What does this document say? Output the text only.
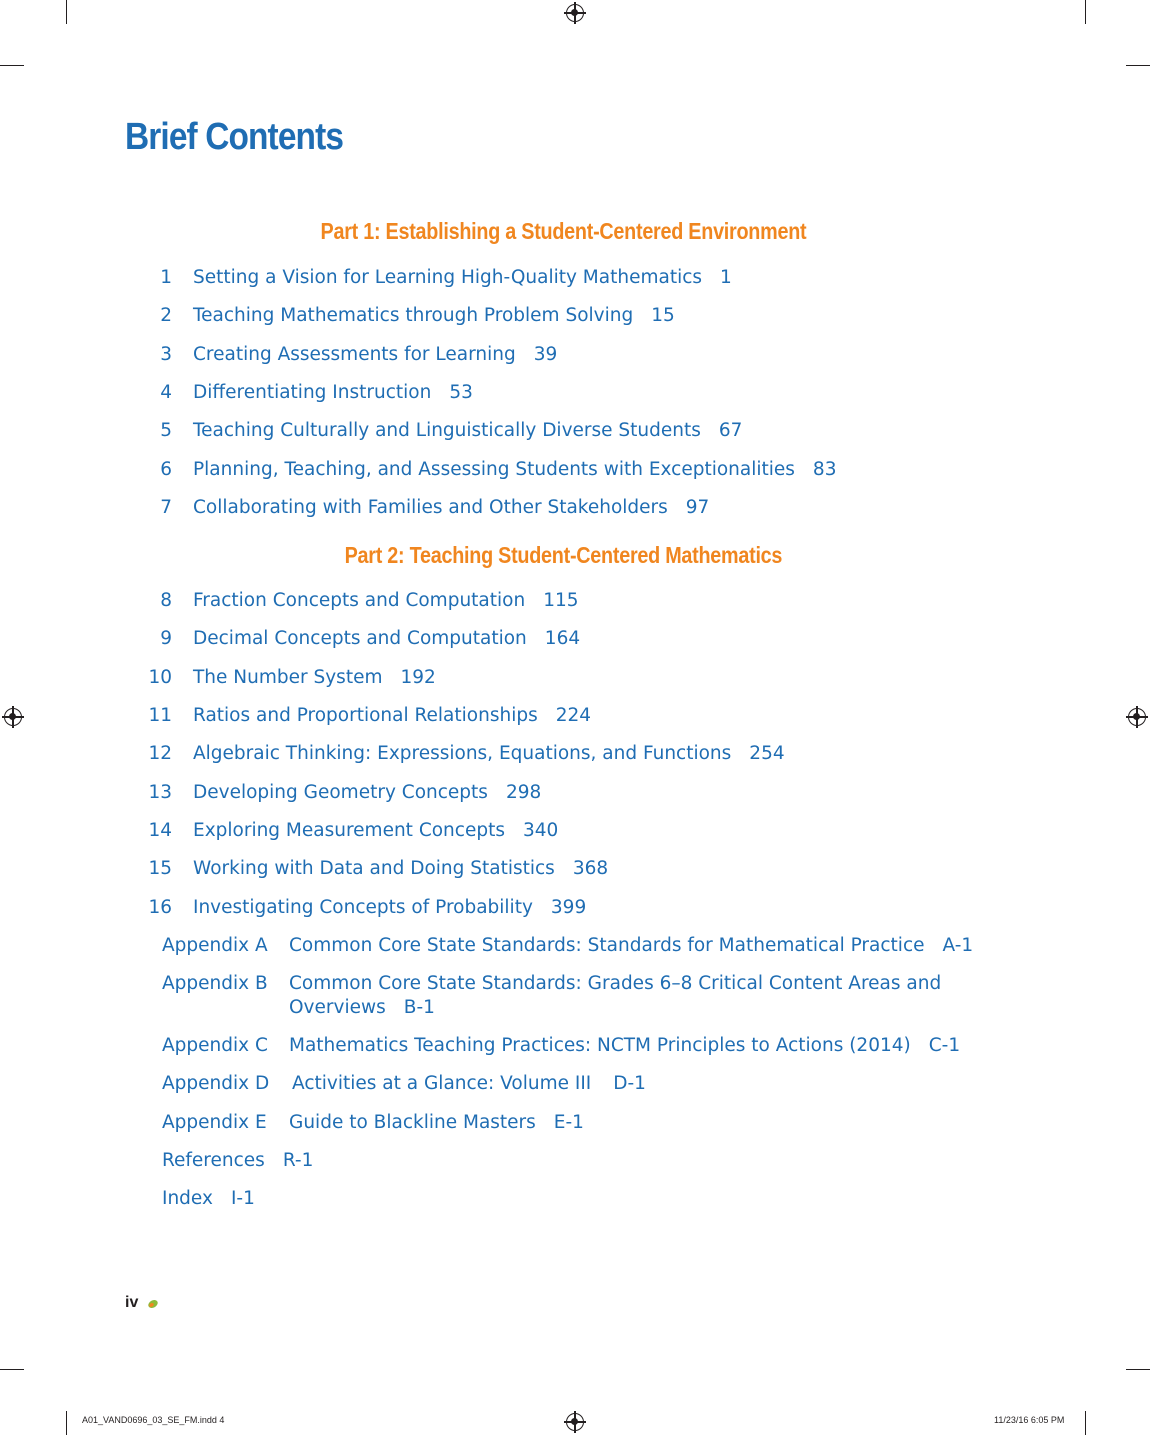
Brief Contents
Part 1: Establishing a Student-Centered Environment
1 Setting a Vision for Learning High-Quality Mathematics 1
2 Teaching Mathematics through Problem Solving 15
3 Creating Assessments for Learning 39
4 Differentiating Instruction 53
5 Teaching Culturally and Linguistically Diverse Students 67
6 Planning, Teaching, and Assessing Students with Exceptionalities 83
7 Collaborating with Families and Other Stakeholders 97
Part 2: Teaching Student-Centered Mathematics
8 Fraction Concepts and Computation 115
9 Decimal Concepts and Computation 164
10 The Number System 192
11 Ratios and Proportional Relationships 224
12 Algebraic Thinking: Expressions, Equations, and Functions 254
13 Developing Geometry Concepts 298
14 Exploring Measurement Concepts 340
15 Working with Data and Doing Statistics 368
16 Investigating Concepts of Probability 399
Appendix A Common Core State Standards: Standards for Mathematical Practice A-1
Appendix B Common Core State Standards: Grades 6–8 Critical Content Areas and
Overviews B-1
Appendix C Mathematics Teaching Practices: NCTM Principles to Actions (2014) C-1
Appendix D Activities at a Glance: Volume III D-1
Appendix E Guide to Blackline Masters E-1
References R-1
Index I-1
iv
A01_VAND0696_03_SE_FM.indd 4	11/23/16 6:05 PM
